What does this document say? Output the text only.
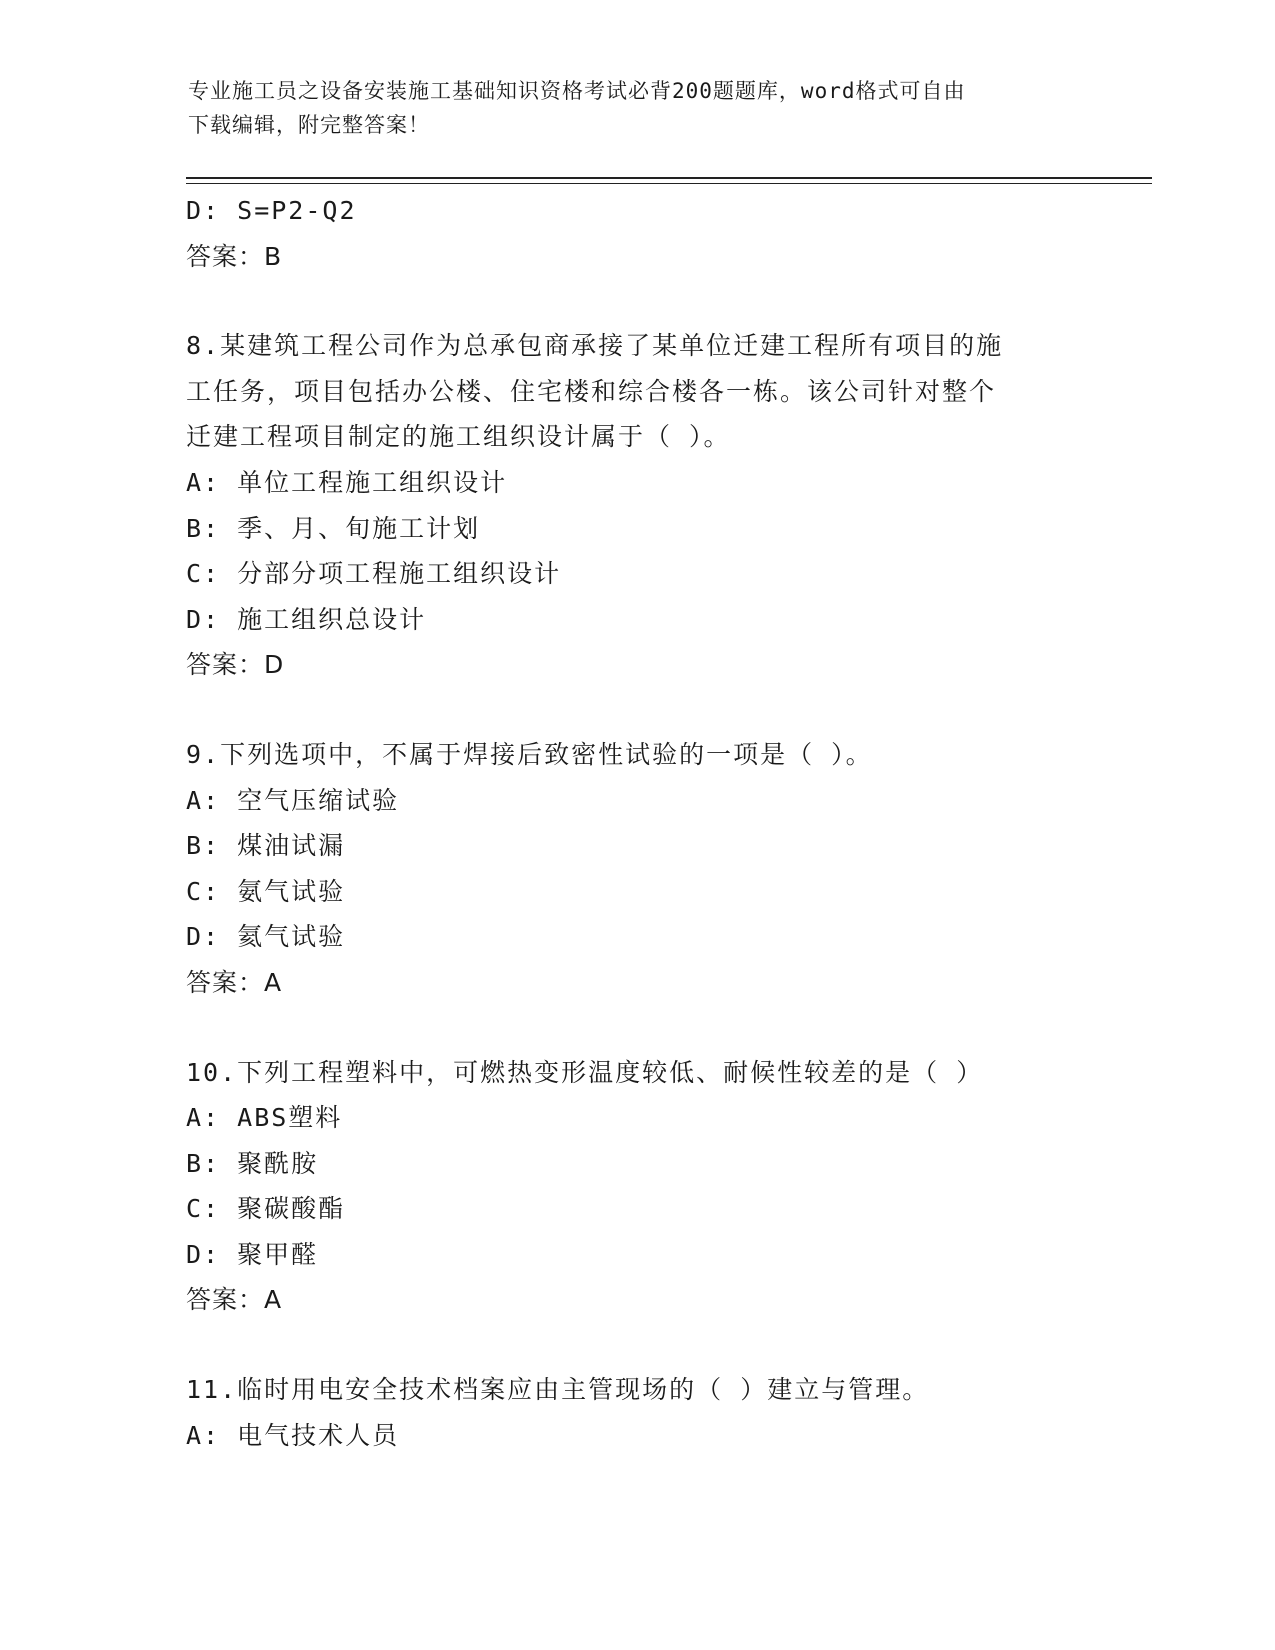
专业施工员之设备安装施工基础知识资格考试必背200题题库，word格式可自由
下载编辑，附完整答案！
D: S=P2-Q2
答案：B
8.某建筑工程公司作为总承包商承接了某单位迁建工程所有项目的施
工任务，项目包括办公楼、住宅楼和综合楼各一栋。该公司针对整个
迁建工程项目制定的施工组织设计属于（ ）。
A: 单位工程施工组织设计
B: 季、月、旬施工计划
C: 分部分项工程施工组织设计
D: 施工组织总设计
答案：D
9.下列选项中，不属于焊接后致密性试验的一项是（ ）。
A: 空气压缩试验
B: 煤油试漏
C: 氨气试验
D: 氦气试验
答案：A
10.下列工程塑料中，可燃热变形温度较低、耐候性较差的是（ ）
A: ABS塑料
B: 聚酰胺
C: 聚碳酸酯
D: 聚甲醛
答案：A
11.临时用电安全技术档案应由主管现场的（ ）建立与管理。
A: 电气技术人员
